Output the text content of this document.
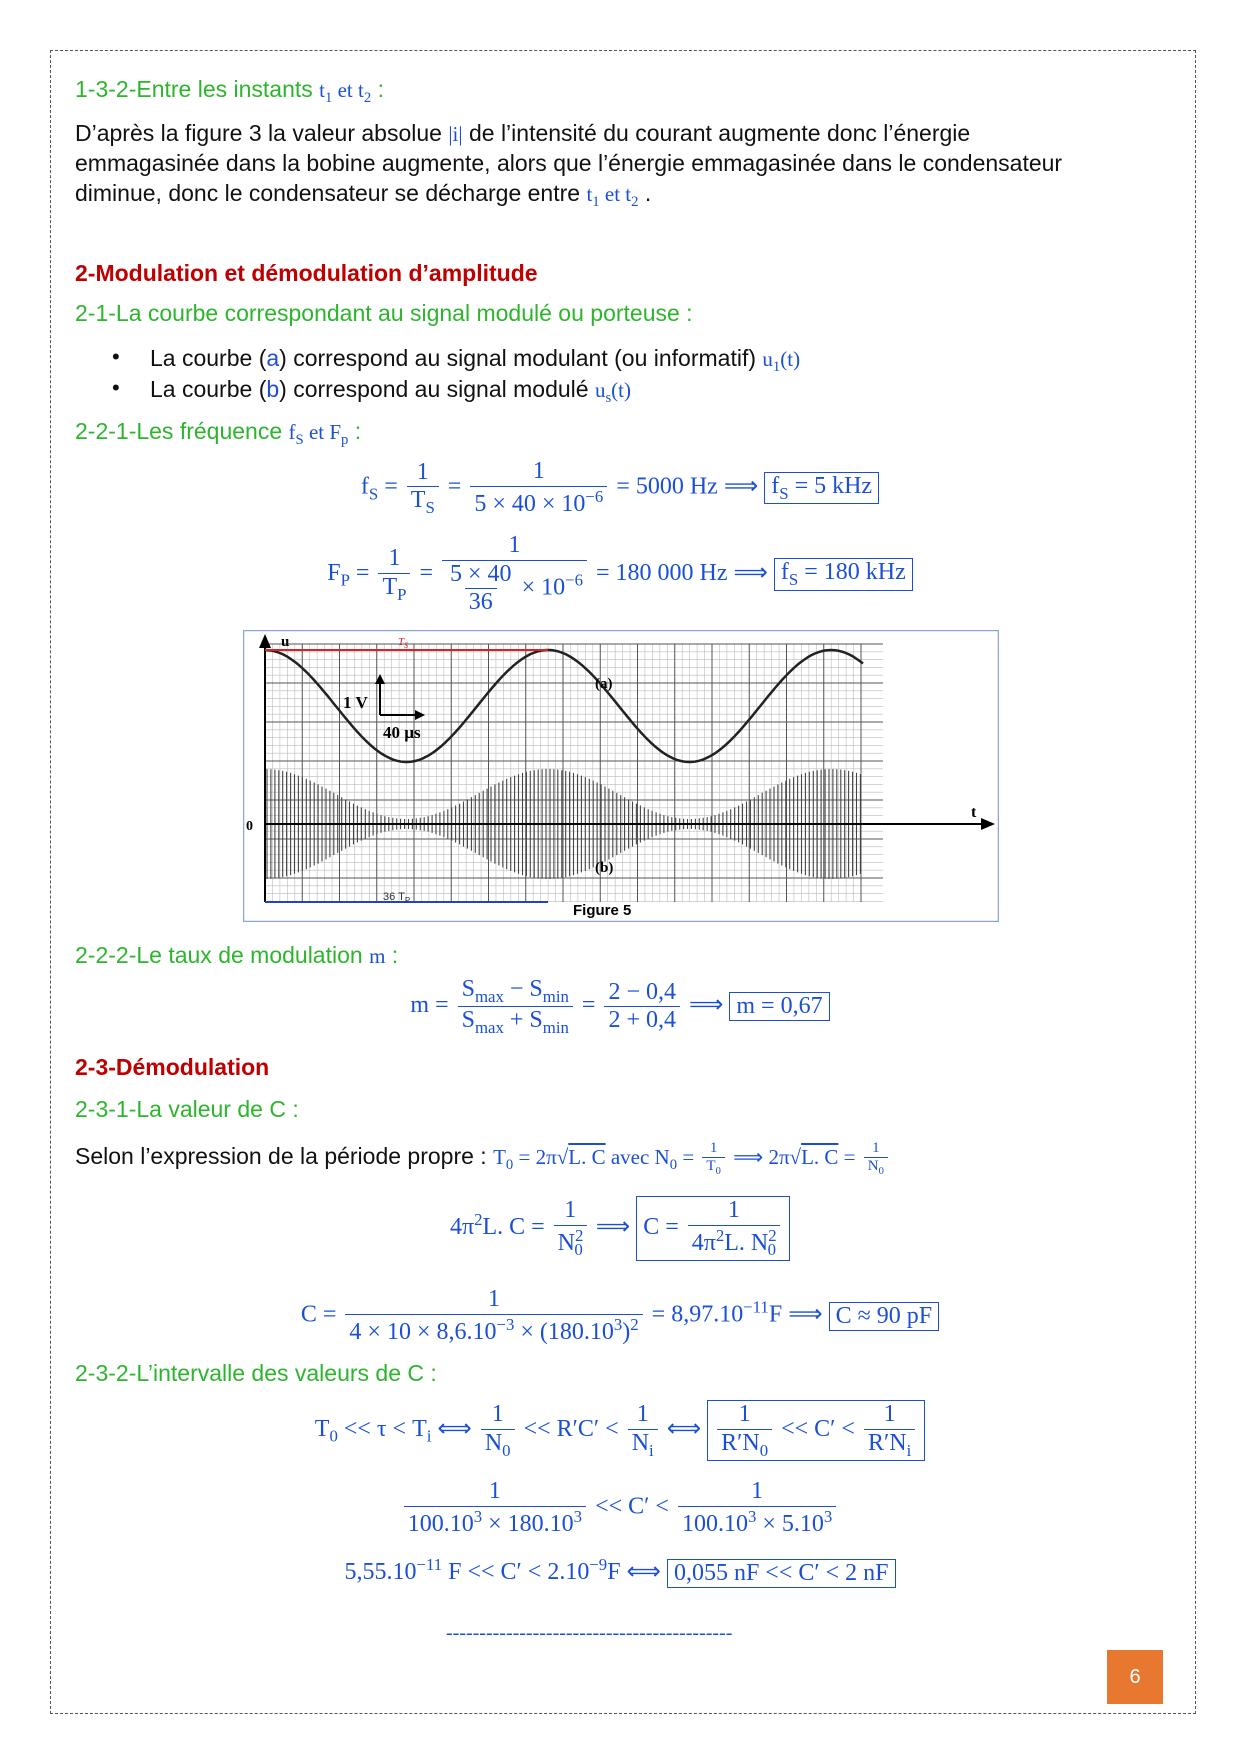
1-3-2-Entre les instants $t_1$ et $t_2$ :
D’après la figure 3 la valeur absolue |i| de l’intensité du courant augmente donc l’énergie
emmagasinée dans la bobine augmente, alors que l’énergie emmagasinée dans le condensateur
diminue, donc le condensateur se décharge entre $t_1$ et $t_2$ .
2-Modulation et démodulation d’amplitude
2-1-La courbe correspondant au signal modulé ou porteuse :
• La courbe (a) correspond au signal modulant (ou informatif) $u_1(t)$
• La courbe (b) correspond au signal modulé $u_s(t)$
2-2-1-Les fréquence $f_S$ et $F_p$ :
$f_S = \frac{1}{T_S} = \frac{1}{5 \times 40 \times 10^{-6}} = 5000$ Hz ⟹ $f_S = 5$ kHz
$F_P = \frac{1}{T_P} = \frac{1}{\frac{5 \times 40}{36} \times 10^{-6}} = 180$ 000 Hz ⟹ $f_S = 180$ kHz
$T_S$
36 $T_P$
u
t
0
(a)
(b)
1 V
40 µs
Figure 5
2-2-2-Le taux de modulation m :
$m = \frac{S_{max} - S_{min}}{S_{max} + S_{min}} = \frac{2 - 0,4}{2 + 0,4}$ ⟹ m = 0,67
2-3-Démodulation
2-3-1-La valeur de C :
Selon l’expression de la période propre : $T_0 = 2\pi√L$. C avec $N_0 = \frac{1}{T_0}$ ⟹ 2π√L. $C = \frac{1}{N_0}$
$4\pi^2L$. $C = \frac{1}{N^2_0}$ ⟹ $C = \frac{1}{4\pi^2L. N^2_0}$
$C = \frac{1}{4 \times 10 \times 8,6.10^{-3} \times (180.10^3)^2} = 8,97.10^{-11}F$ ⟹ C ≈ 90 pF
2-3-2-L’intervalle des valeurs de C :
$T_0 << \tau < T_i$ ⟺ $\frac{1}{N_0} << R'C' < \frac{1}{N_i}$ ⟺ $\frac{1}{R'N_0} << C' < \frac{1}{R'N_i}$
$\frac{1}{100.10^3 \times 180.10^3} << C' < \frac{1}{100.10^3 \times 5.10^3}$
$5,55.10^{-11}$ $F << C' < 2.10^{-9}F$ ⟺ 0,055 nF << C′ < 2 nF
-------------------------------------------
6
